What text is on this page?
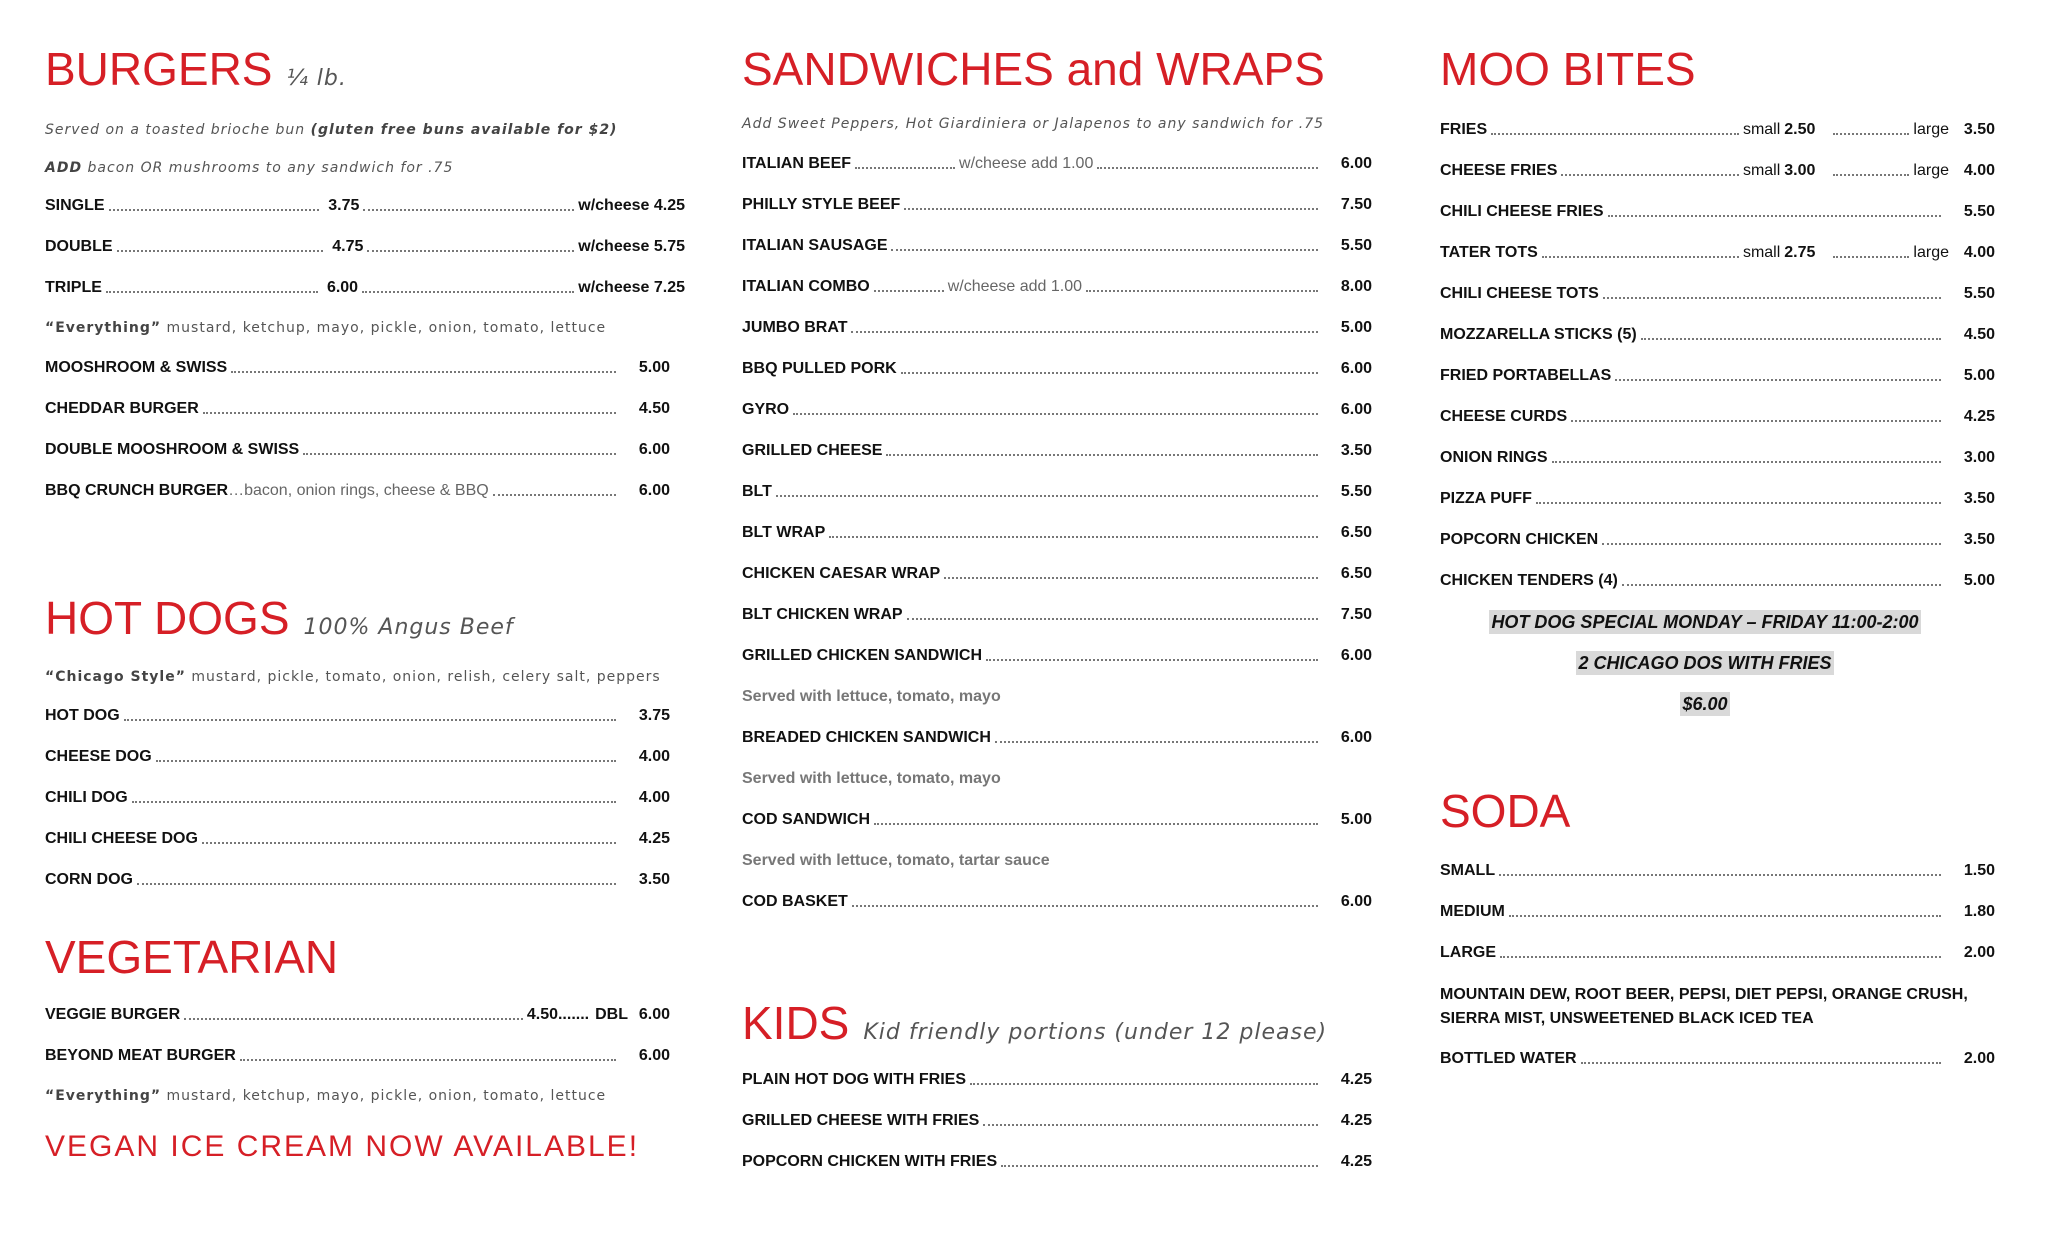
BURGERS ¼ lb.
Served on a toasted brioche bun (gluten free buns available for $2)
ADD bacon OR mushrooms to any sandwich for .75
SINGLE	3.75	w/cheese 4.25
DOUBLE	4.75	w/cheese 5.75
TRIPLE	6.00	w/cheese 7.25
“Everything” mustard, ketchup, mayo, pickle, onion, tomato, lettuce
MOOSHROOM & SWISS	5.00
CHEDDAR BURGER	4.50
DOUBLE MOOSHROOM & SWISS	6.00
BBQ CRUNCH BURGER …bacon, onion rings, cheese & BBQ	6.00
HOT DOGS 100% Angus Beef
“Chicago Style” mustard, pickle, tomato, onion, relish, celery salt, peppers
HOT DOG	3.75
CHEESE DOG	4.00
CHILI DOG	4.00
CHILI CHEESE DOG	4.25
CORN DOG	3.50
VEGETARIAN
VEGGIE BURGER	4.50 ....... DBL 6.00
BEYOND MEAT BURGER	6.00
“Everything” mustard, ketchup, mayo, pickle, onion, tomato, lettuce
VEGAN ICE CREAM NOW AVAILABLE!
SANDWICHES and WRAPS
Add Sweet Peppers, Hot Giardiniera or Jalapenos to any sandwich for .75
ITALIAN BEEF	w/cheese add 1.00	6.00
PHILLY STYLE BEEF	7.50
ITALIAN SAUSAGE	5.50
ITALIAN COMBO	w/cheese add 1.00	8.00
JUMBO BRAT	5.00
BBQ PULLED PORK	6.00
GYRO	6.00
GRILLED CHEESE	3.50
BLT	5.50
BLT WRAP	6.50
CHICKEN CAESAR WRAP	6.50
BLT CHICKEN WRAP	7.50
GRILLED CHICKEN SANDWICH	6.00
Served with lettuce, tomato, mayo
BREADED CHICKEN SANDWICH	6.00
Served with lettuce, tomato, mayo
COD SANDWICH	5.00
Served with lettuce, tomato, tartar sauce
COD BASKET	6.00
KIDS Kid friendly portions (under 12 please)
PLAIN HOT DOG WITH FRIES	4.25
GRILLED CHEESE WITH FRIES	4.25
POPCORN CHICKEN WITH FRIES	4.25
MOO BITES
FRIES	small 2.50	large 3.50
CHEESE FRIES	small 3.00	large 4.00
CHILI CHEESE FRIES	5.50
TATER TOTS	small 2.75	large 4.00
CHILI CHEESE TOTS	5.50
MOZZARELLA STICKS (5)	4.50
FRIED PORTABELLAS	5.00
CHEESE CURDS	4.25
ONION RINGS	3.00
PIZZA PUFF	3.50
POPCORN CHICKEN	3.50
CHICKEN TENDERS (4)	5.00
HOT DOG SPECIAL MONDAY – FRIDAY 11:00-2:00
2 CHICAGO DOS WITH FRIES
$6.00
SODA
SMALL	1.50
MEDIUM	1.80
LARGE	2.00
MOUNTAIN DEW, ROOT BEER, PEPSI, DIET PEPSI, ORANGE CRUSH, SIERRA MIST, UNSWEETENED BLACK ICED TEA
BOTTLED WATER	2.00
